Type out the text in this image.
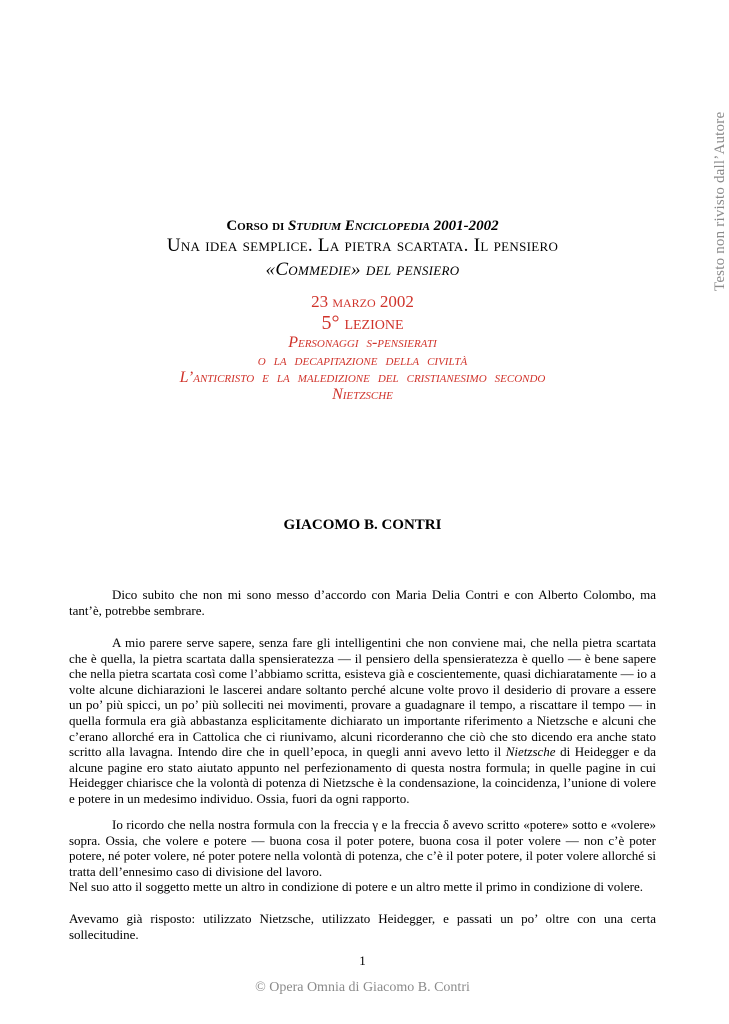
Testo non rivisto dall’Autore
Corso di Studium Enciclopedia 2001-2002
Una idea semplice. La pietra scartata. Il pensiero
«Commedie» del pensiero
23 marzo 2002
5° lezione
Personaggi s-pensierati
o la decapitazione della civiltà
L’anticristo e la maledizione del cristianesimo secondo
Nietzsche
GIACOMO B. CONTRI

Dico subito che non mi sono messo d’accordo con Maria Delia Contri e con Alberto Colombo, ma tant’è, potrebbe sembrare.

A mio parere serve sapere, senza fare gli intelligentini che non conviene mai, che nella pietra scartata che è quella, la pietra scartata dalla spensieratezza — il pensiero della spensieratezza è quello — è bene sapere che nella pietra scartata così come l’abbiamo scritta, esisteva già e coscientemente, quasi dichiaratamente — io a volte alcune dichiarazioni le lascerei andare soltanto perché alcune volte provo il desiderio di provare a essere un po’ più spicci, un po’ più solleciti nei movimenti, provare a guadagnare il tempo, a riscattare il tempo — in quella formula era già abbastanza esplicitamente dichiarato un importante riferimento a Nietzsche e alcuni che c’erano allorché era in Cattolica che ci riunivamo, alcuni ricorderanno che ciò che sto dicendo era anche stato scritto alla lavagna. Intendo dire che in quell’epoca, in quegli anni avevo letto il Nietzsche di Heidegger e da alcune pagine ero stato aiutato appunto nel perfezionamento di questa nostra formula; in quelle pagine in cui Heidegger chiarisce che la volontà di potenza di Nietzsche è la condensazione, la coincidenza, l’unione di volere e potere in un medesimo individuo. Ossia, fuori da ogni rapporto.

Io ricordo che nella nostra formula con la freccia γ e la freccia δ avevo scritto «potere» sotto e «volere» sopra. Ossia, che volere e potere — buona cosa il poter potere, buona cosa il poter volere — non c’è poter potere, né poter volere, né poter potere nella volontà di potenza, che c’è il poter potere, il poter volere allorché si tratta dell’ennesimo caso di divisione del lavoro.

Nel suo atto il soggetto mette un altro in condizione di potere e un altro mette il primo in condizione di volere.

Avevamo già risposto: utilizzato Nietzsche, utilizzato Heidegger, e passati un po’ oltre con una certa sollecitudine.

1
© Opera Omnia di Giacomo B. Contri
